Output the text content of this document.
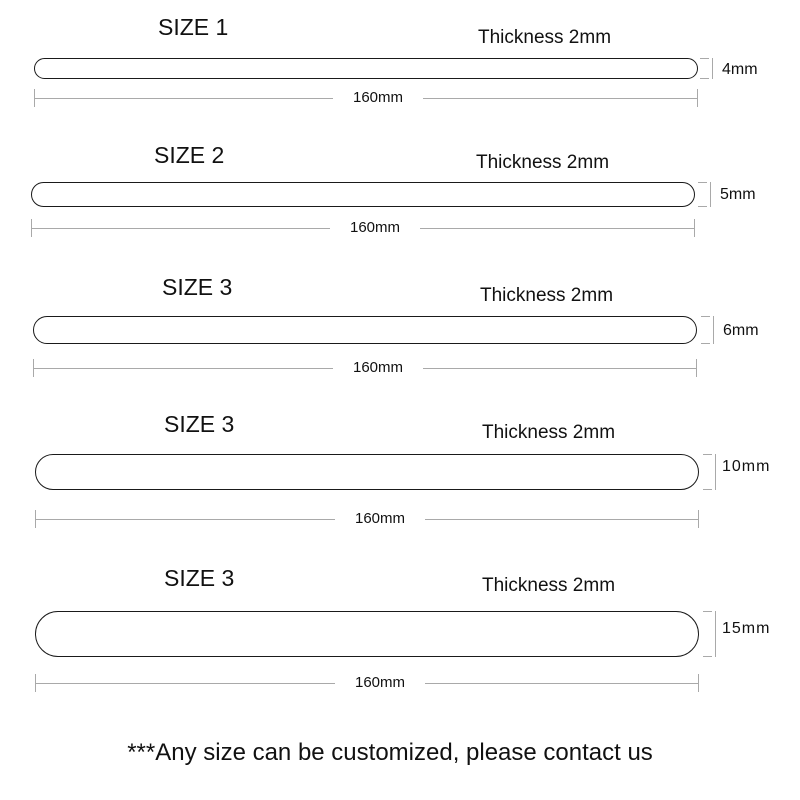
SIZE 1	Thickness 2mm
4mm
160mm
SIZE 2	Thickness 2mm
5mm
160mm
SIZE 3	Thickness 2mm
6mm
160mm
SIZE 3	Thickness 2mm
10mm
160mm
SIZE 3	Thickness 2mm
15mm
160mm
***Any size can be customized, please contact us
